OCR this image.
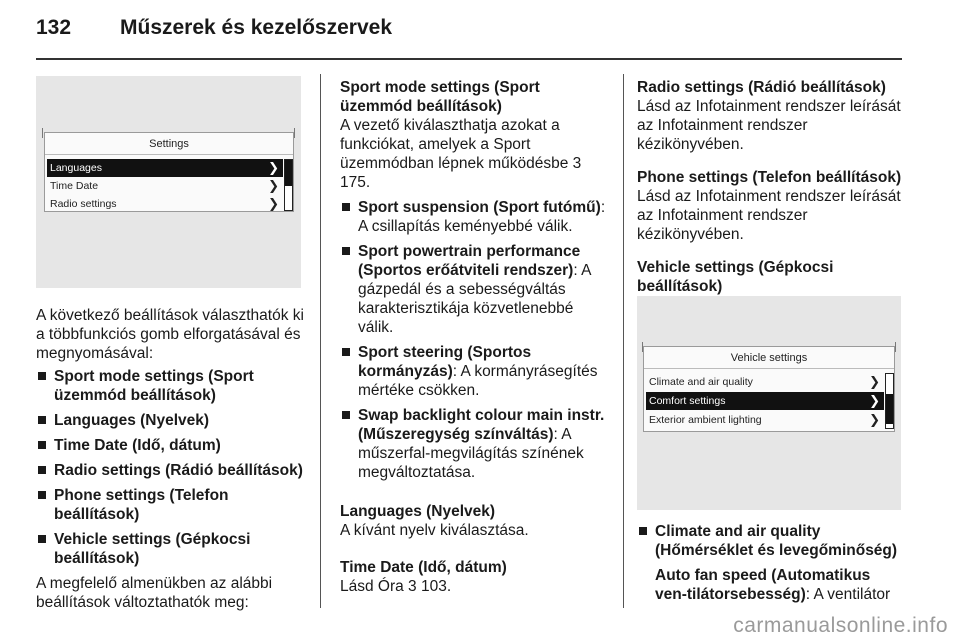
132 Műszerek és kezelőszervek
Settings
Languages	❯
Time Date	❯
Radio settings	❯

A következő beállítások választhatók ki a többfunkciós gomb elforgatásával és megnyomásával:

Sport mode settings (Sport üzemmód beállítások)
Languages (Nyelvek)
Time Date (Idő, dátum)
Radio settings (Rádió beállítások)
Phone settings (Telefon beállítások)
Vehicle settings (Gépkocsi beállítások)

A megfelelő almenükben az alábbi beállítások változtathatók meg:

Sport mode settings (Sport üzemmód beállítások)

A vezető kiválaszthatja azokat a funkciókat, amelyek a Sport üzemmódban lépnek működésbe 3 175.

Sport suspension (Sport futómű): A csillapítás keményebbé válik.
Sport powertrain performance (Sportos erőátviteli rendszer): A gázpedál és a sebességváltás karakterisztikája közvetlenebbé válik.
Sport steering (Sportos kormányzás): A kormányrásegítés mértéke csökken.
Swap backlight colour main instr. (Műszeregység színváltás): A műszerfal-megvilágítás színének megváltoztatása.

Languages (Nyelvek)

A kívánt nyelv kiválasztása.

Time Date (Idő, dátum)

Lásd Óra 3 103.

Radio settings (Rádió beállítások)

Lásd az Infotainment rendszer leírását az Infotainment rendszer kézikönyvében.

Phone settings (Telefon beállítások)

Lásd az Infotainment rendszer leírását az Infotainment rendszer kézikönyvében.

Vehicle settings (Gépkocsi beállítások)

Vehicle settings
Climate and air quality	❯
Comfort settings	❯
Exterior ambient lighting	❯
Climate and air quality (Hőmérséklet és levegőminőség)

Auto fan speed (Automatikus ven-tilátorsebesség): A ventilátor

carmanualsonline.info
